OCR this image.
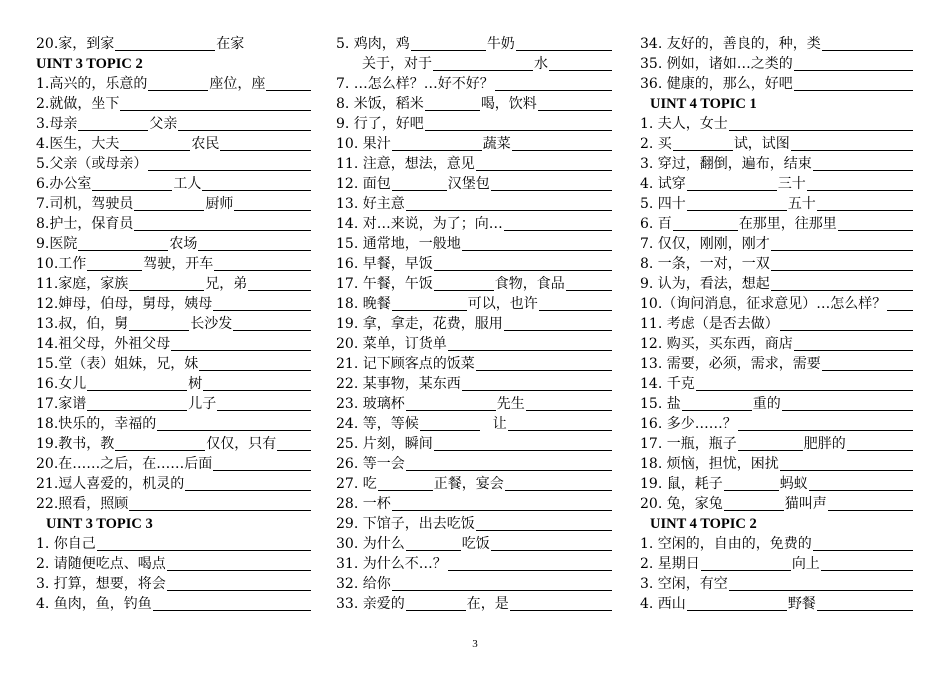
20.家，到家	在家
UINT 3 TOPIC 2
1.高兴的，乐意的	座位，座
2.就做，坐下
3.母亲	父亲
4.医生，大夫	农民
5.父亲（或母亲）
6.办公室	工人
7.司机，驾驶员	厨师
8.护士，保育员
9.医院	农场
10.工作	驾驶，开车
11.家庭，家族	兄，弟
12.婶母，伯母，舅母，姨母
13.叔，伯，舅	长沙发
14.祖父母，外祖父母
15.堂（表）姐妹，兄，妹
16.女儿	树
17.家谱	儿子
18.快乐的，幸福的
19.教书，教	仅仅，只有
20.在……之后，在……后面
21.逗人喜爱的，机灵的
22.照看，照顾
UINT 3 TOPIC 3
1. 你自己
2. 请随便吃点、喝点
3. 打算，想要，将会
4. 鱼肉，鱼，钓鱼
5. 鸡肉，鸡	牛奶
关于，对于	水
7. …怎么样？…好不好？
8. 米饭，稻米	喝，饮料
9. 行了，好吧
10. 果汁	蔬菜
11. 注意，想法，意见
12. 面包	汉堡包
13. 好主意
14. 对…来说，为了；向…
15. 通常地，一般地
16. 早餐，早饭
17. 午餐，午饭	食物，食品
18. 晚餐	可以，也许
19. 拿，拿走，花费，服用
20. 菜单，订货单
21. 记下顾客点的饭菜
22. 某事物，某东西
23. 玻璃杯	先生
24. 等，等候	让
25. 片刻，瞬间
26. 等一会
27. 吃	正餐，宴会
28. 一杯
29. 下馆子，出去吃饭
30. 为什么	吃饭
31. 为什么不…？
32. 给你
33. 亲爱的	在，是
34. 友好的，善良的，种，类
35. 例如，诸如…之类的
36. 健康的，那么，好吧
UINT 4 TOPIC 1
1. 夫人，女士
2. 买	试，试图
3. 穿过，翻倒，遍布，结束
4. 试穿	三十
5. 四十	五十
6. 百	在那里，往那里
7. 仅仅，刚刚，刚才
8. 一条，一对，一双
9. 认为，看法，想起
10.（询问消息，征求意见）…怎么样？
11. 考虑（是否去做）
12. 购买，买东西，商店
13. 需要，必须，需求，需要
14. 千克
15. 盐	重的
16. 多少……？
17. 一瓶，瓶子	肥胖的
18. 烦恼，担忧，困扰
19. 鼠，耗子	蚂蚁
20. 兔，家兔	猫叫声
UINT 4 TOPIC 2
1. 空闲的，自由的，免费的
2. 星期日	向上
3. 空闲，有空
4. 西山	野餐
3
